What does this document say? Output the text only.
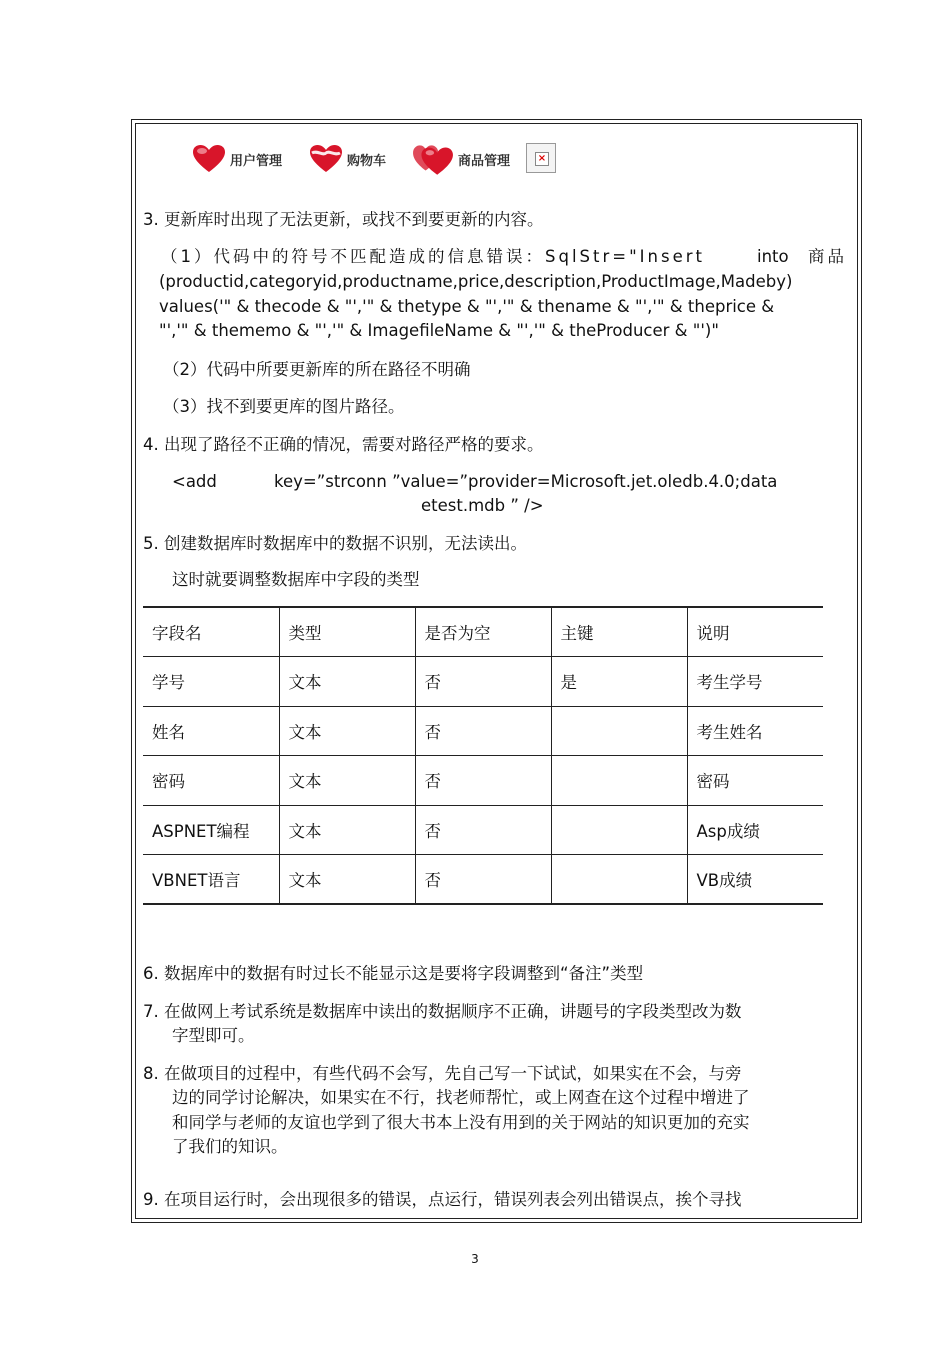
用户管理	购物车	商品管理	×
3. 更新库时出现了无法更新，或找不到要更新的内容。
（1）代码中的符号不匹配造成的信息错误：SqlStr="Insert	into 商品
(productid,categoryid,productname,price,description,ProductImage,Madeby)
values('" & thecode & "','" & thetype & "','" & thename & "','" & theprice &
"','" & thememo & "','" & ImagefileName & "','" & theProducer & "')"
（2）代码中所要更新库的所在路径不明确
（3）找不到要更库的图片路径。
4. 出现了路径不正确的情况，需要对路径严格的要求。
<add	key=”strconn ”value=”provider=Microsoft.jet.oledb.4.0;data
etest.mdb ” />
5. 创建数据库时数据库中的数据不识别，无法读出。
这时就要调整数据库中字段的类型
字段名	类型	是否为空	主键	说明
学号	文本	否	是	考生学号
姓名	文本	否		考生姓名
密码	文本	否		密码
ASPNET编程	文本	否		Asp成绩
VBNET语言	文本	否		VB成绩
6. 数据库中的数据有时过长不能显示这是要将字段调整到“备注”类型
7. 在做网上考试系统是数据库中读出的数据顺序不正确，讲题号的字段类型改为数
字型即可。
8. 在做项目的过程中，有些代码不会写，先自己写一下试试，如果实在不会，与旁
边的同学讨论解决，如果实在不行，找老师帮忙，或上网查在这个过程中增进了
和同学与老师的友谊也学到了很大书本上没有用到的关于网站的知识更加的充实
了我们的知识。
9. 在项目运行时，会出现很多的错误，点运行，错误列表会列出错误点，挨个寻找
3
